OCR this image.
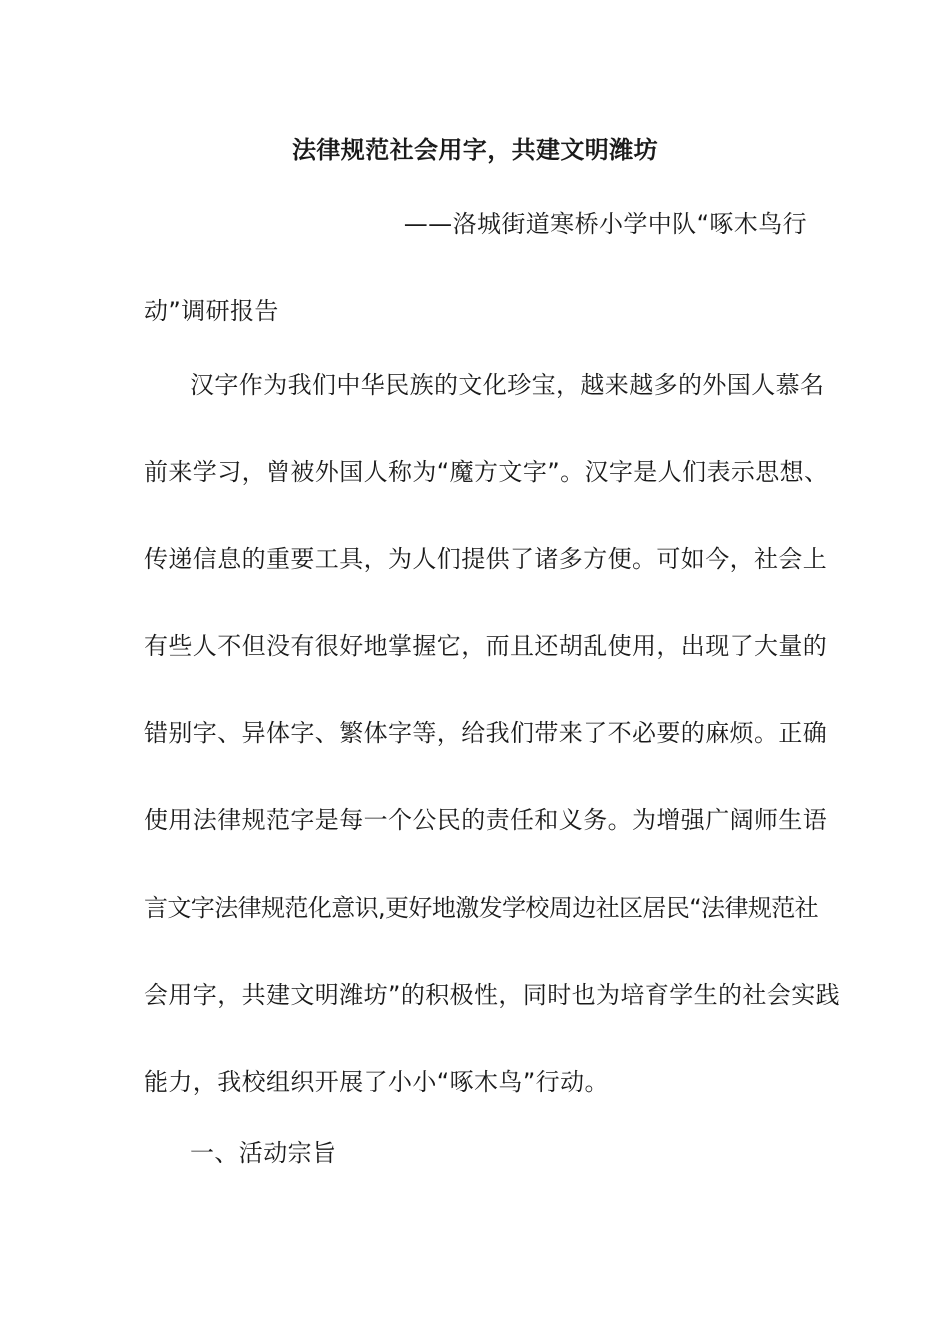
法律规范社会用字，共建文明潍坊
——洛城街道寒桥小学中队“啄木鸟行
动”调研报告
汉字作为我们中华民族的文化珍宝，越来越多的外国人慕名
前来学习，曾被外国人称为“魔方文字”。汉字是人们表示思想、
传递信息的重要工具，为人们提供了诸多方便。可如今，社会上
有些人不但没有很好地掌握它，而且还胡乱使用，出现了大量的
错别字、异体字、繁体字等，给我们带来了不必要的麻烦。正确
使用法律规范字是每一个公民的责任和义务。为增强广阔师生语
言文字法律规范化意识,更好地激发学校周边社区居民“法律规范社
会用字，共建文明潍坊”的积极性，同时也为培育学生的社会实践
能力，我校组织开展了小小“啄木鸟”行动。
一、活动宗旨
